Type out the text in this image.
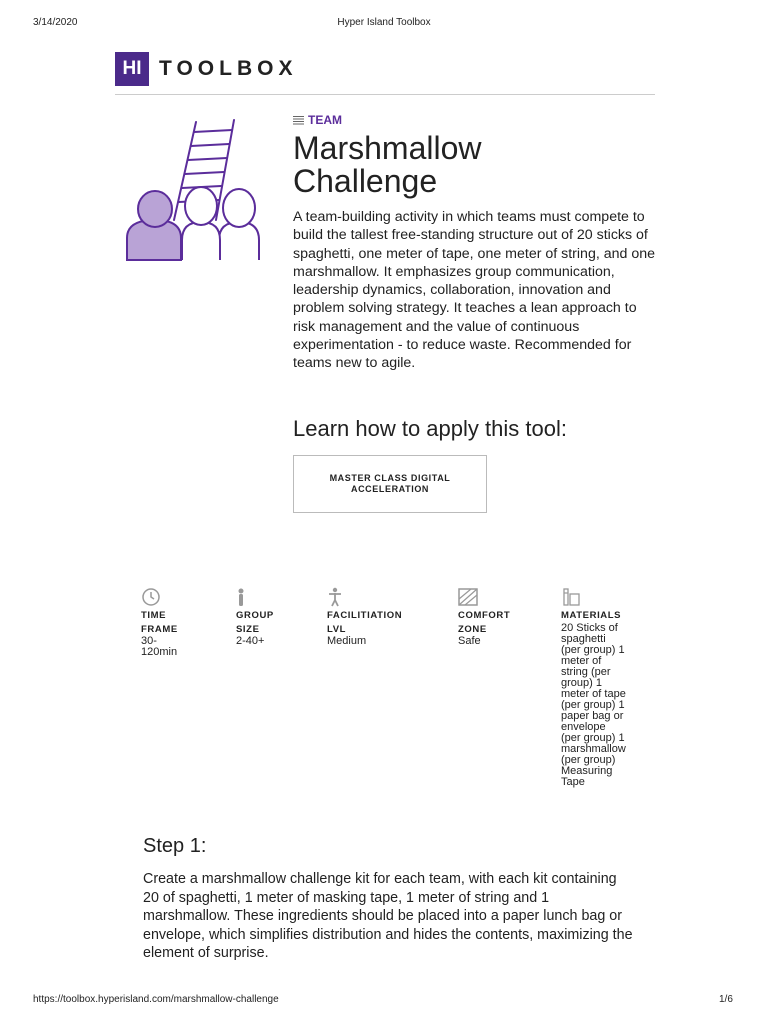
3/14/2020	Hyper Island Toolbox
HI TOOLBOX
TEAM
Marshmallow
Challenge
A team-building activity in which teams must compete to build the tallest free-standing structure out of 20 sticks of spaghetti, one meter of tape, one meter of string, and one marshmallow. It emphasizes group communication, leadership dynamics, collaboration, innovation and problem solving strategy. It teaches a lean approach to risk management and the value of continuous experimentation - to reduce waste. Recommended for teams new to agile.
Learn how to apply this tool:
MASTER CLASS DIGITAL
ACCELERATION
TIME
FRAME
30-
120min
GROUP
SIZE
2-40+
FACILITIATION
LVL
Medium
COMFORT
ZONE
Safe
MATERIALS
20 Sticks of
spaghetti
(per group) 1
meter of
string (per
group) 1
meter of tape
(per group) 1
paper bag or
envelope
(per group) 1
marshmallow
(per group)
Measuring
Tape
Step 1:
Create a marshmallow challenge kit for each team, with each kit containing 20 of spaghetti, 1 meter of masking tape, 1 meter of string and 1 marshmallow. These ingredients should be placed into a paper lunch bag or envelope, which simplifies distribution and hides the contents, maximizing the element of surprise.
https://toolbox.hyperisland.com/marshmallow-challenge	1/6
